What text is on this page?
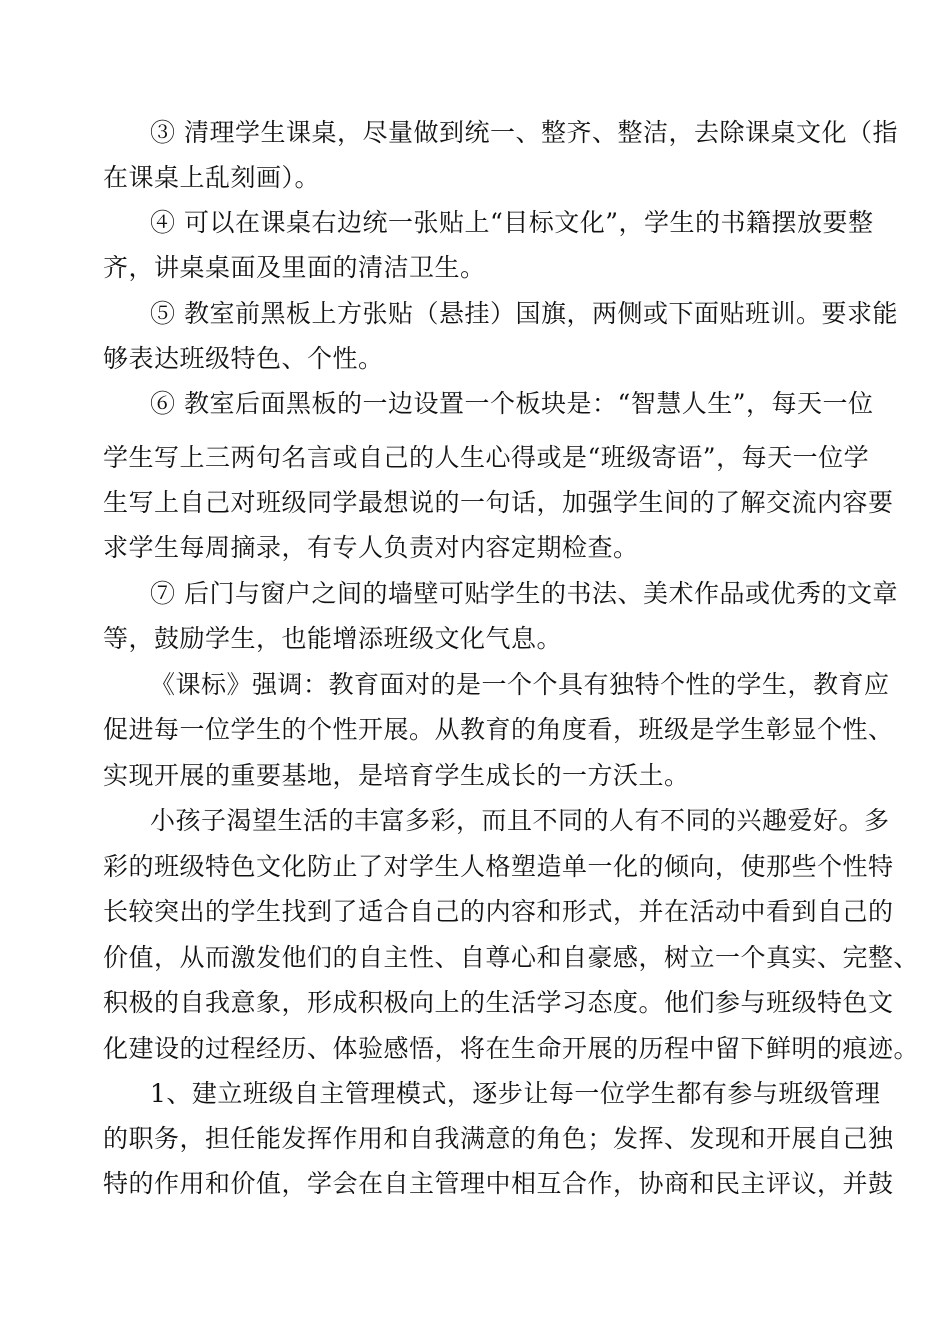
③ 清理学生课桌，尽量做到统一、整齐、整洁，去除课桌文化（指
在课桌上乱刻画）。
④ 可以在课桌右边统一张贴上“目标文化”，学生的书籍摆放要整
齐，讲桌桌面及里面的清洁卫生。
⑤ 教室前黑板上方张贴（悬挂）国旗，两侧或下面贴班训。要求能
够表达班级特色、个性。
⑥ 教室后面黑板的一边设置一个板块是：“智慧人生”，每天一位
学生写上三两句名言或自己的人生心得或是“班级寄语”，每天一位学
生写上自己对班级同学最想说的一句话，加强学生间的了解交流内容要
求学生每周摘录，有专人负责对内容定期检查。
⑦ 后门与窗户之间的墙壁可贴学生的书法、美术作品或优秀的文章
等，鼓励学生，也能增添班级文化气息。
《课标》强调：教育面对的是一个个具有独特个性的学生，教育应
促进每一位学生的个性开展。从教育的角度看，班级是学生彰显个性、
实现开展的重要基地，是培育学生成长的一方沃土。
小孩子渴望生活的丰富多彩，而且不同的人有不同的兴趣爱好。多
彩的班级特色文化防止了对学生人格塑造单一化的倾向，使那些个性特
长较突出的学生找到了适合自己的内容和形式，并在活动中看到自己的
价值，从而激发他们的自主性、自尊心和自豪感，树立一个真实、完整、
积极的自我意象，形成积极向上的生活学习态度。他们参与班级特色文
化建设的过程经历、体验感悟，将在生命开展的历程中留下鲜明的痕迹。
1、建立班级自主管理模式，逐步让每一位学生都有参与班级管理
的职务，担任能发挥作用和自我满意的角色；发挥、发现和开展自己独
特的作用和价值，学会在自主管理中相互合作，协商和民主评议，并鼓
